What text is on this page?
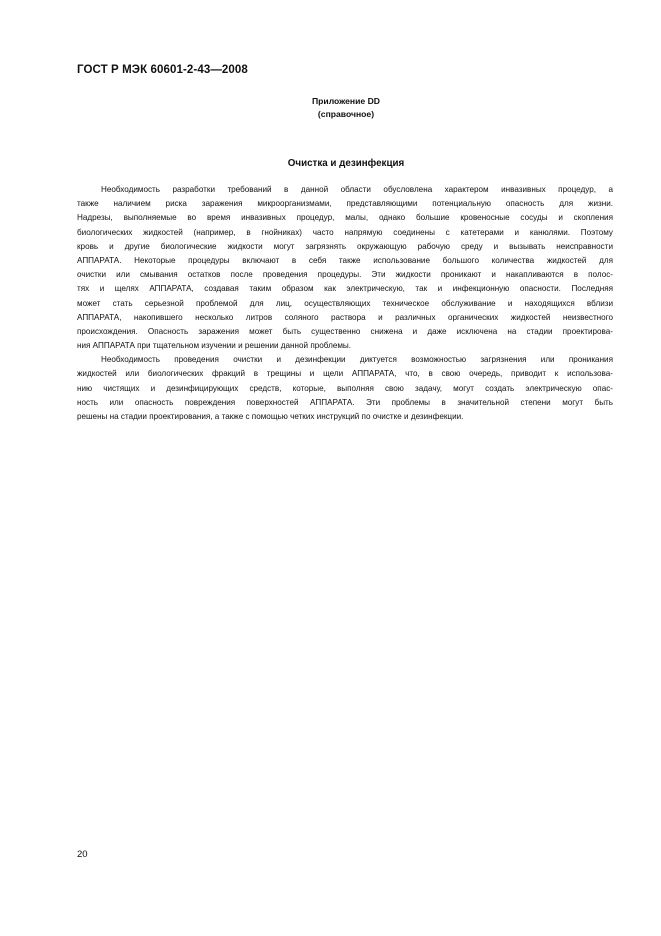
ГОСТ Р МЭК 60601-2-43—2008
Приложение DD
(справочное)
Очистка и дезинфекция
Необходимость разработки требований в данной области обусловлена характером инвазивных процедур, а
также наличием риска заражения микроорганизмами, представляющими потенциальную опасность для жизни.
Надрезы, выполняемые во время инвазивных процедур, малы, однако большие кровеносные сосуды и скопления
биологических жидкостей (например, в гнойниках) часто напрямую соединены с катетерами и канюлями. Поэтому
кровь и другие биологические жидкости могут загрязнять окружающую рабочую среду и вызывать неисправности
АППАРАТА. Некоторые процедуры включают в себя также использование большого количества жидкостей для
очистки или смывания остатков после проведения процедуры. Эти жидкости проникают и накапливаются в полос-
тях и щелях АППАРАТА, создавая таким образом как электрическую, так и инфекционную опасности. Последняя
может стать серьезной проблемой для лиц, осуществляющих техническое обслуживание и находящихся вблизи
АППАРАТА, накопившего несколько литров соляного раствора и различных органических жидкостей неизвестного
происхождения. Опасность заражения может быть существенно снижена и даже исключена на стадии проектирова-
ния АППАРАТА при тщательном изучении и решении данной проблемы.
Необходимость проведения очистки и дезинфекции диктуется возможностью загрязнения или проникания
жидкостей или биологических фракций в трещины и щели АППАРАТА, что, в свою очередь, приводит к использова-
нию чистящих и дезинфицирующих средств, которые, выполняя свою задачу, могут создать электрическую опас-
ность или опасность повреждения поверхностей АППАРАТА. Эти проблемы в значительной степени могут быть
решены на стадии проектирования, а также с помощью четких инструкций по очистке и дезинфекции.
20
